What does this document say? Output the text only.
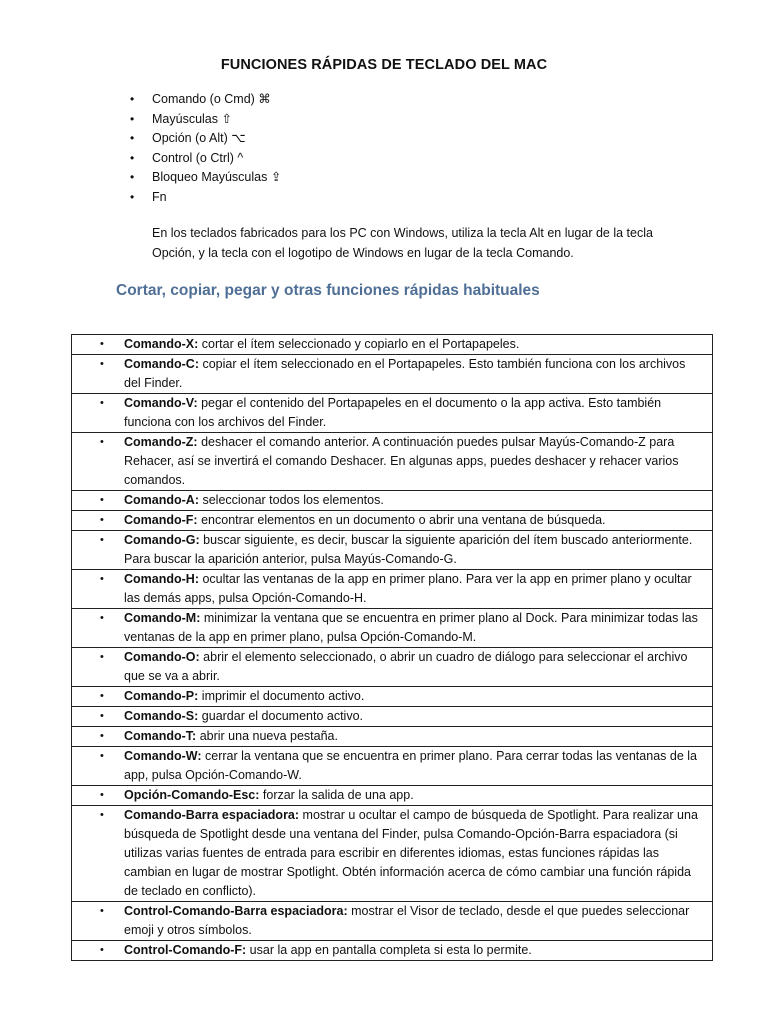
FUNCIONES RÁPIDAS DE TECLADO DEL MAC
• Comando (o Cmd) ⌘
• Mayúsculas ⇧
• Opción (o Alt) ⌥
• Control (o Ctrl) ^
• Bloqueo Mayúsculas ⇪
• Fn

En los teclados fabricados para los PC con Windows, utiliza la tecla Alt en lugar de la tecla Opción, y la tecla con el logotipo de Windows en lugar de la tecla Comando.

Cortar, copiar, pegar y otras funciones rápidas habituales
• Comando-X: cortar el ítem seleccionado y copiarlo en el Portapapeles.

• Comando-C: copiar el ítem seleccionado en el Portapapeles. Esto también funciona con los archivos del Finder.

• Comando-V: pegar el contenido del Portapapeles en el documento o la app activa. Esto también funciona con los archivos del Finder.

• Comando-Z: deshacer el comando anterior. A continuación puedes pulsar Mayús-Comando-Z para Rehacer, así se invertirá el comando Deshacer. En algunas apps, puedes deshacer y rehacer varios comandos.

• Comando-A: seleccionar todos los elementos.

• Comando-F: encontrar elementos en un documento o abrir una ventana de búsqueda.

• Comando-G: buscar siguiente, es decir, buscar la siguiente aparición del ítem buscado anteriormente. Para buscar la aparición anterior, pulsa Mayús-Comando-G.

• Comando-H: ocultar las ventanas de la app en primer plano. Para ver la app en primer plano y ocultar las demás apps, pulsa Opción-Comando-H.

• Comando-M: minimizar la ventana que se encuentra en primer plano al Dock. Para minimizar todas las ventanas de la app en primer plano, pulsa Opción-Comando-M.

• Comando-O: abrir el elemento seleccionado, o abrir un cuadro de diálogo para seleccionar el archivo que se va a abrir.

• Comando-P: imprimir el documento activo.

• Comando-S: guardar el documento activo.

• Comando-T: abrir una nueva pestaña.

• Comando-W: cerrar la ventana que se encuentra en primer plano. Para cerrar todas las ventanas de la app, pulsa Opción-Comando-W.

• Opción-Comando-Esc: forzar la salida de una app.

• Comando-Barra espaciadora: mostrar u ocultar el campo de búsqueda de Spotlight. Para realizar una búsqueda de Spotlight desde una ventana del Finder, pulsa Comando-Opción-Barra espaciadora (si utilizas varias fuentes de entrada para escribir en diferentes idiomas, estas funciones rápidas las cambian en lugar de mostrar Spotlight. Obtén información acerca de cómo cambiar una función rápida de teclado en conflicto).

• Control-Comando-Barra espaciadora: mostrar el Visor de teclado, desde el que puedes seleccionar emoji y otros símbolos.

• Control-Comando-F: usar la app en pantalla completa si esta lo permite.
